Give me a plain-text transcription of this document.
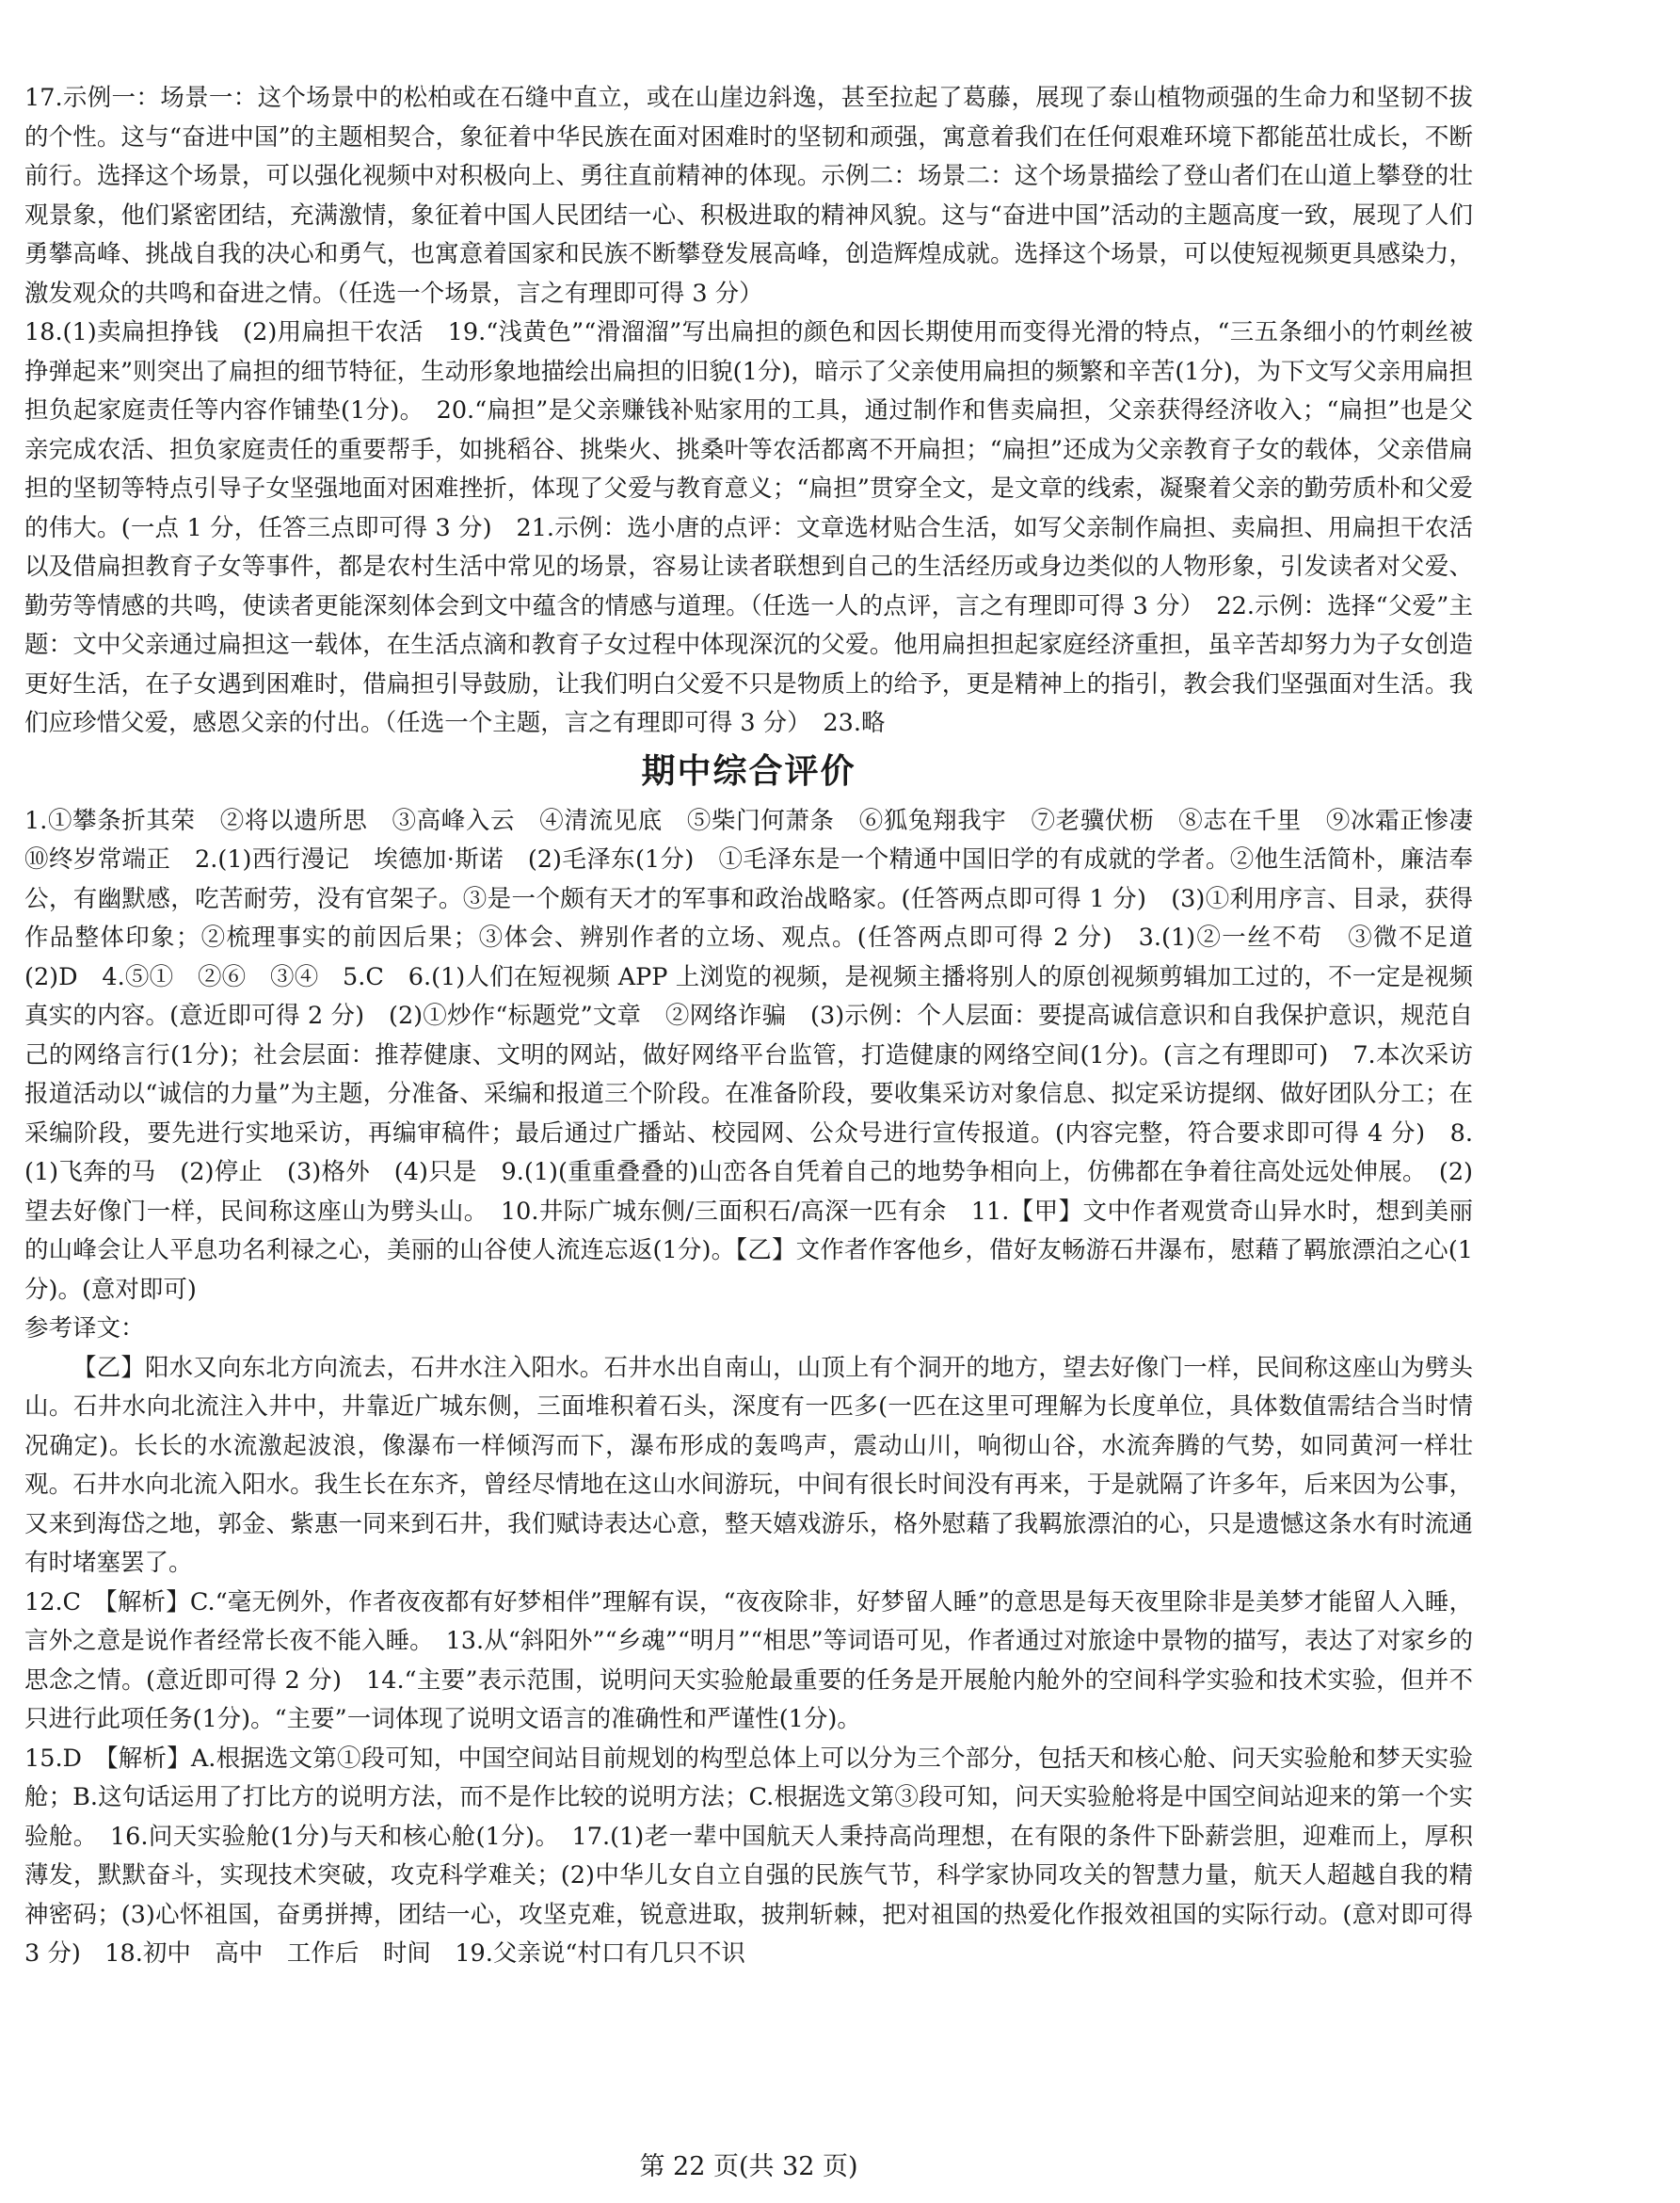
17.示例一：场景一：这个场景中的松柏或在石缝中直立，或在山崖边斜逸，甚至拉起了葛藤，展现了泰山植物顽强的生命力和坚韧不拔的个性。这与“奋进中国”的主题相契合，象征着中华民族在面对困难时的坚韧和顽强，寓意着我们在任何艰难环境下都能茁壮成长，不断前行。选择这个场景，可以强化视频中对积极向上、勇往直前精神的体现。示例二：场景二：这个场景描绘了登山者们在山道上攀登的壮观景象，他们紧密团结，充满激情，象征着中国人民团结一心、积极进取的精神风貌。这与“奋进中国”活动的主题高度一致，展现了人们勇攀高峰、挑战自我的决心和勇气，也寓意着国家和民族不断攀登发展高峰，创造辉煌成就。选择这个场景，可以使短视频更具感染力，激发观众的共鸣和奋进之情。（任选一个场景，言之有理即可得 3 分）

18.(1)卖扁担挣钱　(2)用扁担干农活　19.“浅黄色”“滑溜溜”写出扁担的颜色和因长期使用而变得光滑的特点，“三五条细小的竹刺丝被挣弹起来”则突出了扁担的细节特征，生动形象地描绘出扁担的旧貌(1分)，暗示了父亲使用扁担的频繁和辛苦(1分)，为下文写父亲用扁担担负起家庭责任等内容作铺垫(1分)。　20.“扁担”是父亲赚钱补贴家用的工具，通过制作和售卖扁担，父亲获得经济收入；“扁担”也是父亲完成农活、担负家庭责任的重要帮手，如挑稻谷、挑柴火、挑桑叶等农活都离不开扁担；“扁担”还成为父亲教育子女的载体，父亲借扁担的坚韧等特点引导子女坚强地面对困难挫折，体现了父爱与教育意义；“扁担”贯穿全文，是文章的线索，凝聚着父亲的勤劳质朴和父爱的伟大。(一点 1 分，任答三点即可得 3 分)　21.示例：选小唐的点评：文章选材贴合生活，如写父亲制作扁担、卖扁担、用扁担干农活以及借扁担教育子女等事件，都是农村生活中常见的场景，容易让读者联想到自己的生活经历或身边类似的人物形象，引发读者对父爱、勤劳等情感的共鸣，使读者更能深刻体会到文中蕴含的情感与道理。（任选一人的点评，言之有理即可得 3 分）　22.示例：选择“父爱”主题：文中父亲通过扁担这一载体，在生活点滴和教育子女过程中体现深沉的父爱。他用扁担担起家庭经济重担，虽辛苦却努力为子女创造更好生活，在子女遇到困难时，借扁担引导鼓励，让我们明白父爱不只是物质上的给予，更是精神上的指引，教会我们坚强面对生活。我们应珍惜父爱，感恩父亲的付出。（任选一个主题，言之有理即可得 3 分）　23.略

期中综合评价

1.①攀条折其荣　②将以遗所思　③高峰入云　④清流见底　⑤柴门何萧条　⑥狐兔翔我宇　⑦老骥伏枥　⑧志在千里　⑨冰霜正惨凄　⑩终岁常端正　2.(1)西行漫记　埃德加·斯诺　(2)毛泽东(1分)　①毛泽东是一个精通中国旧学的有成就的学者。②他生活简朴，廉洁奉公，有幽默感，吃苦耐劳，没有官架子。③是一个颇有天才的军事和政治战略家。(任答两点即可得 1 分)　(3)①利用序言、目录，获得作品整体印象；②梳理事实的前因后果；③体会、辨别作者的立场、观点。(任答两点即可得 2 分)　3.(1)②一丝不苟　③微不足道　(2)D　4.⑤①　②⑥　③④　5.C　6.(1)人们在短视频 APP 上浏览的视频，是视频主播将别人的原创视频剪辑加工过的，不一定是视频真实的内容。(意近即可得 2 分)　(2)①炒作“标题党”文章　②网络诈骗　(3)示例：个人层面：要提高诚信意识和自我保护意识，规范自己的网络言行(1分)；社会层面：推荐健康、文明的网站，做好网络平台监管，打造健康的网络空间(1分)。(言之有理即可)　7.本次采访报道活动以“诚信的力量”为主题，分准备、采编和报道三个阶段。在准备阶段，要收集采访对象信息、拟定采访提纲、做好团队分工；在采编阶段，要先进行实地采访，再编审稿件；最后通过广播站、校园网、公众号进行宣传报道。(内容完整，符合要求即可得 4 分)　8.(1)飞奔的马　(2)停止　(3)格外　(4)只是　9.(1)(重重叠叠的)山峦各自凭着自己的地势争相向上，仿佛都在争着往高处远处伸展。　(2)望去好像门一样，民间称这座山为劈头山。　10.井际广城东侧/三面积石/高深一匹有余　11.【甲】文中作者观赏奇山异水时，想到美丽的山峰会让人平息功名利禄之心，美丽的山谷使人流连忘返(1分)。【乙】文作者作客他乡，借好友畅游石井瀑布，慰藉了羁旅漂泊之心(1分)。(意对即可)

参考译文：

【乙】阳水又向东北方向流去，石井水注入阳水。石井水出自南山，山顶上有个洞开的地方，望去好像门一样，民间称这座山为劈头山。石井水向北流注入井中，井靠近广城东侧，三面堆积着石头，深度有一匹多(一匹在这里可理解为长度单位，具体数值需结合当时情况确定)。长长的水流激起波浪，像瀑布一样倾泻而下，瀑布形成的轰鸣声，震动山川，响彻山谷，水流奔腾的气势，如同黄河一样壮观。石井水向北流入阳水。我生长在东齐，曾经尽情地在这山水间游玩，中间有很长时间没有再来，于是就隔了许多年，后来因为公事，又来到海岱之地，郭金、紫惠一同来到石井，我们赋诗表达心意，整天嬉戏游乐，格外慰藉了我羁旅漂泊的心，只是遗憾这条水有时流通有时堵塞罢了。

12.C　【解析】C.“毫无例外，作者夜夜都有好梦相伴”理解有误，“夜夜除非，好梦留人睡”的意思是每天夜里除非是美梦才能留人入睡，言外之意是说作者经常长夜不能入睡。　13.从“斜阳外”“乡魂”“明月”“相思”等词语可见，作者通过对旅途中景物的描写，表达了对家乡的思念之情。(意近即可得 2 分)　14.“主要”表示范围，说明问天实验舱最重要的任务是开展舱内舱外的空间科学实验和技术实验，但并不只进行此项任务(1分)。“主要”一词体现了说明文语言的准确性和严谨性(1分)。

15.D　【解析】A.根据选文第①段可知，中国空间站目前规划的构型总体上可以分为三个部分，包括天和核心舱、问天实验舱和梦天实验舱；B.这句话运用了打比方的说明方法，而不是作比较的说明方法；C.根据选文第③段可知，问天实验舱将是中国空间站迎来的第一个实验舱。　16.问天实验舱(1分)与天和核心舱(1分)。　17.(1)老一辈中国航天人秉持高尚理想，在有限的条件下卧薪尝胆，迎难而上，厚积薄发，默默奋斗，实现技术突破，攻克科学难关；(2)中华儿女自立自强的民族气节，科学家协同攻关的智慧力量，航天人超越自我的精神密码；(3)心怀祖国，奋勇拼搏，团结一心，攻坚克难，锐意进取，披荆斩棘，把对祖国的热爱化作报效祖国的实际行动。(意对即可得 3 分)　18.初中　高中　工作后　时间　19.父亲说“村口有几只不识

第 22 页(共 32 页)
